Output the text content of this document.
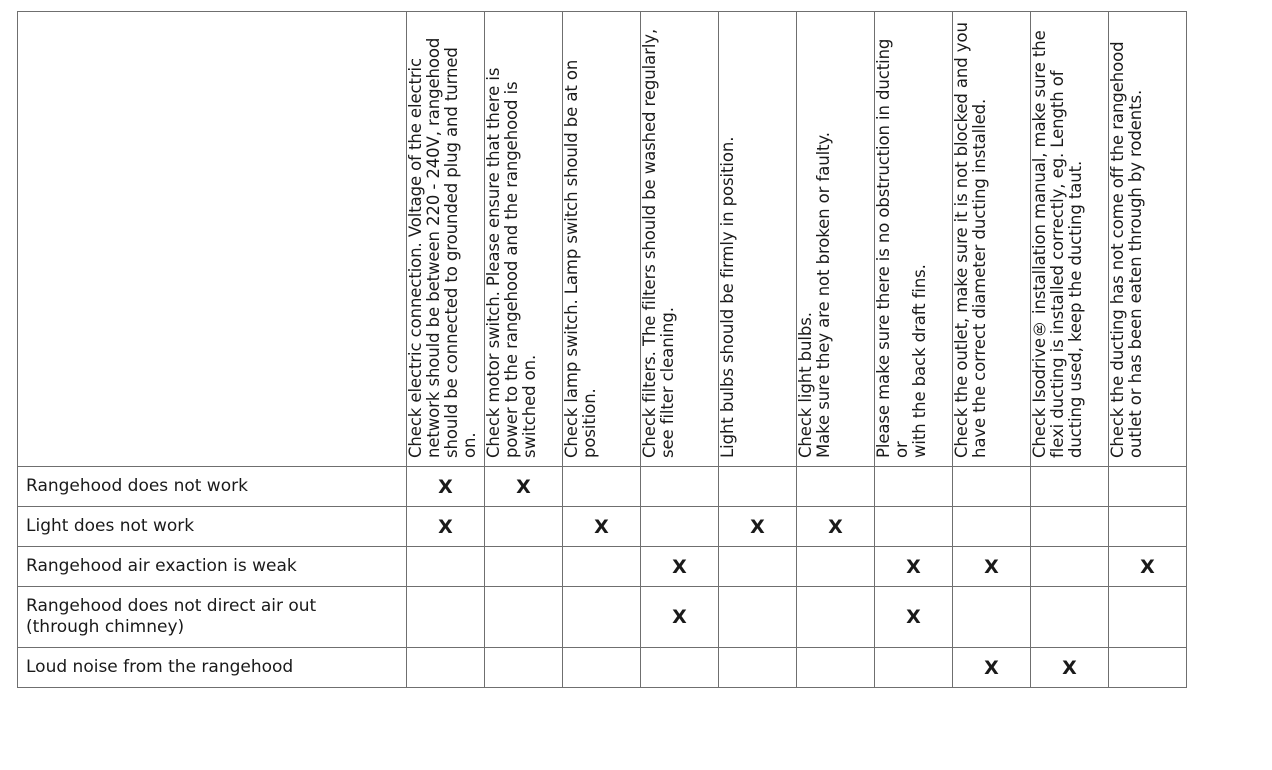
	Check electric connection. Voltage of the electric
network should be between 220 - 240V, rangehood
should be connected to grounded plug and turned on.	Check motor switch. Please ensure that there is
power to the rangehood and the rangehood is
switched on.	Check lamp switch. Lamp switch should be at on
position.	Check filters. The filters should be washed regularly,
see filter cleaning.	Light bulbs should be firmly in position.	Check light bulbs.
Make sure they are not broken or faulty.	Please make sure there is no obstruction in ducting or
with the back draft fins.	Check the outlet, make sure it is not blocked and you
have the correct diameter ducting installed.	Check Isodrive® installation manual, make sure the
flexi ducting is installed correctly, eg. Length of
ducting used, keep the ducting taut.	Check the ducting has not come off the rangehood
outlet or has been eaten through by rodents.

Rangehood does not work	X	X								
Light does not work	X		X		X	X				
Rangehood air exaction is weak				X			X	X		X
Rangehood does not direct air out
(through chimney)				X			X			
Loud noise from the rangehood								X	X	
